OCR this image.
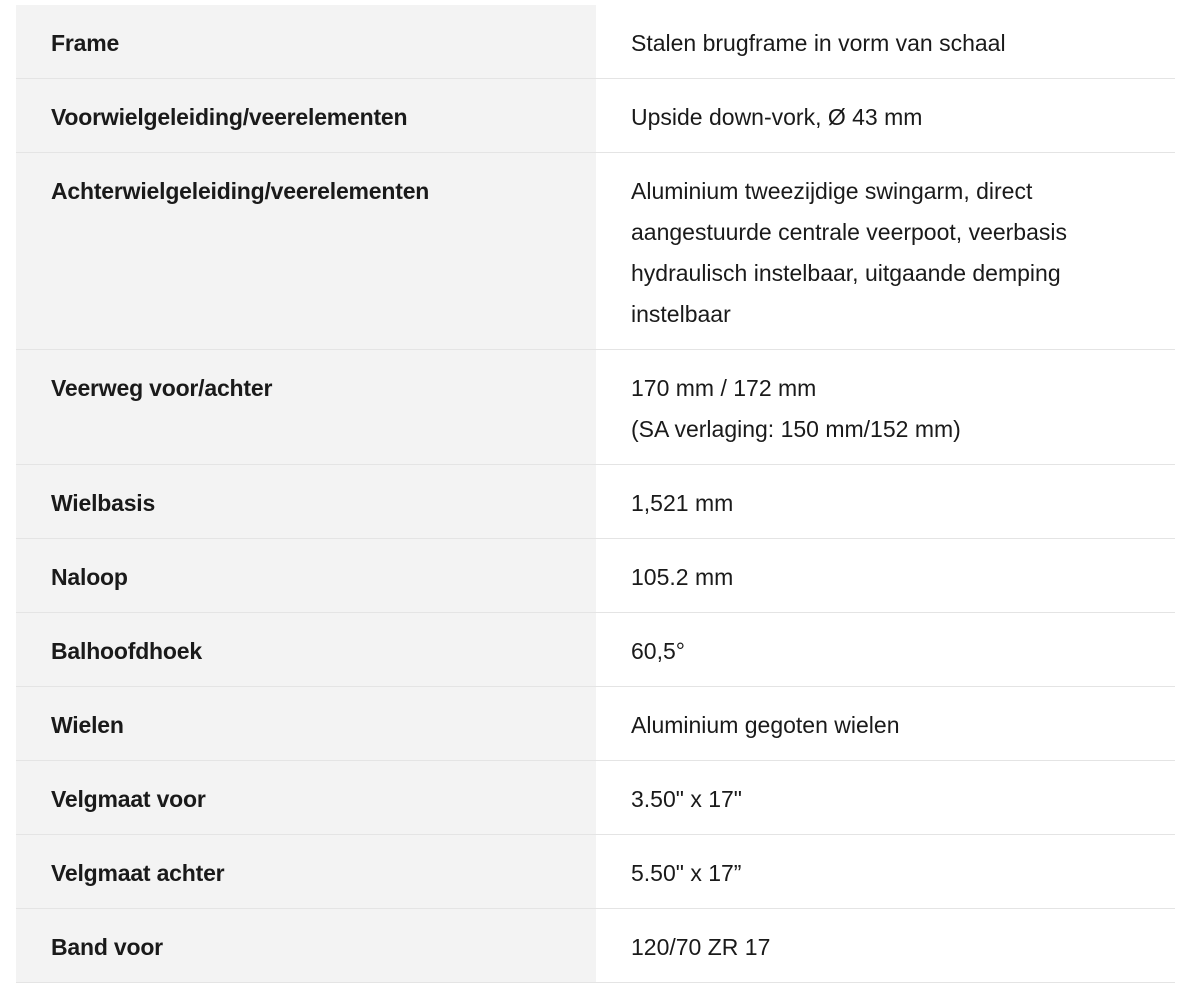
Frame	Stalen brugframe in vorm van schaal

Voorwielgeleiding/veerelementen	Upside down-vork, Ø 43 mm

Achterwielgeleiding/veerelementen	Aluminium tweezijdige swingarm, direct
aangestuurde centrale veerpoot, veerbasis
hydraulisch instelbaar, uitgaande demping
instelbaar

Veerweg voor/achter	170 mm / 172 mm
(SA verlaging: 150 mm/152 mm)

Wielbasis	1,521 mm

Naloop	105.2 mm

Balhoofdhoek	60,5°

Wielen	Aluminium gegoten wielen

Velgmaat voor	3.50" x 17"

Velgmaat achter	5.50" x 17”

Band voor	120/70 ZR 17
